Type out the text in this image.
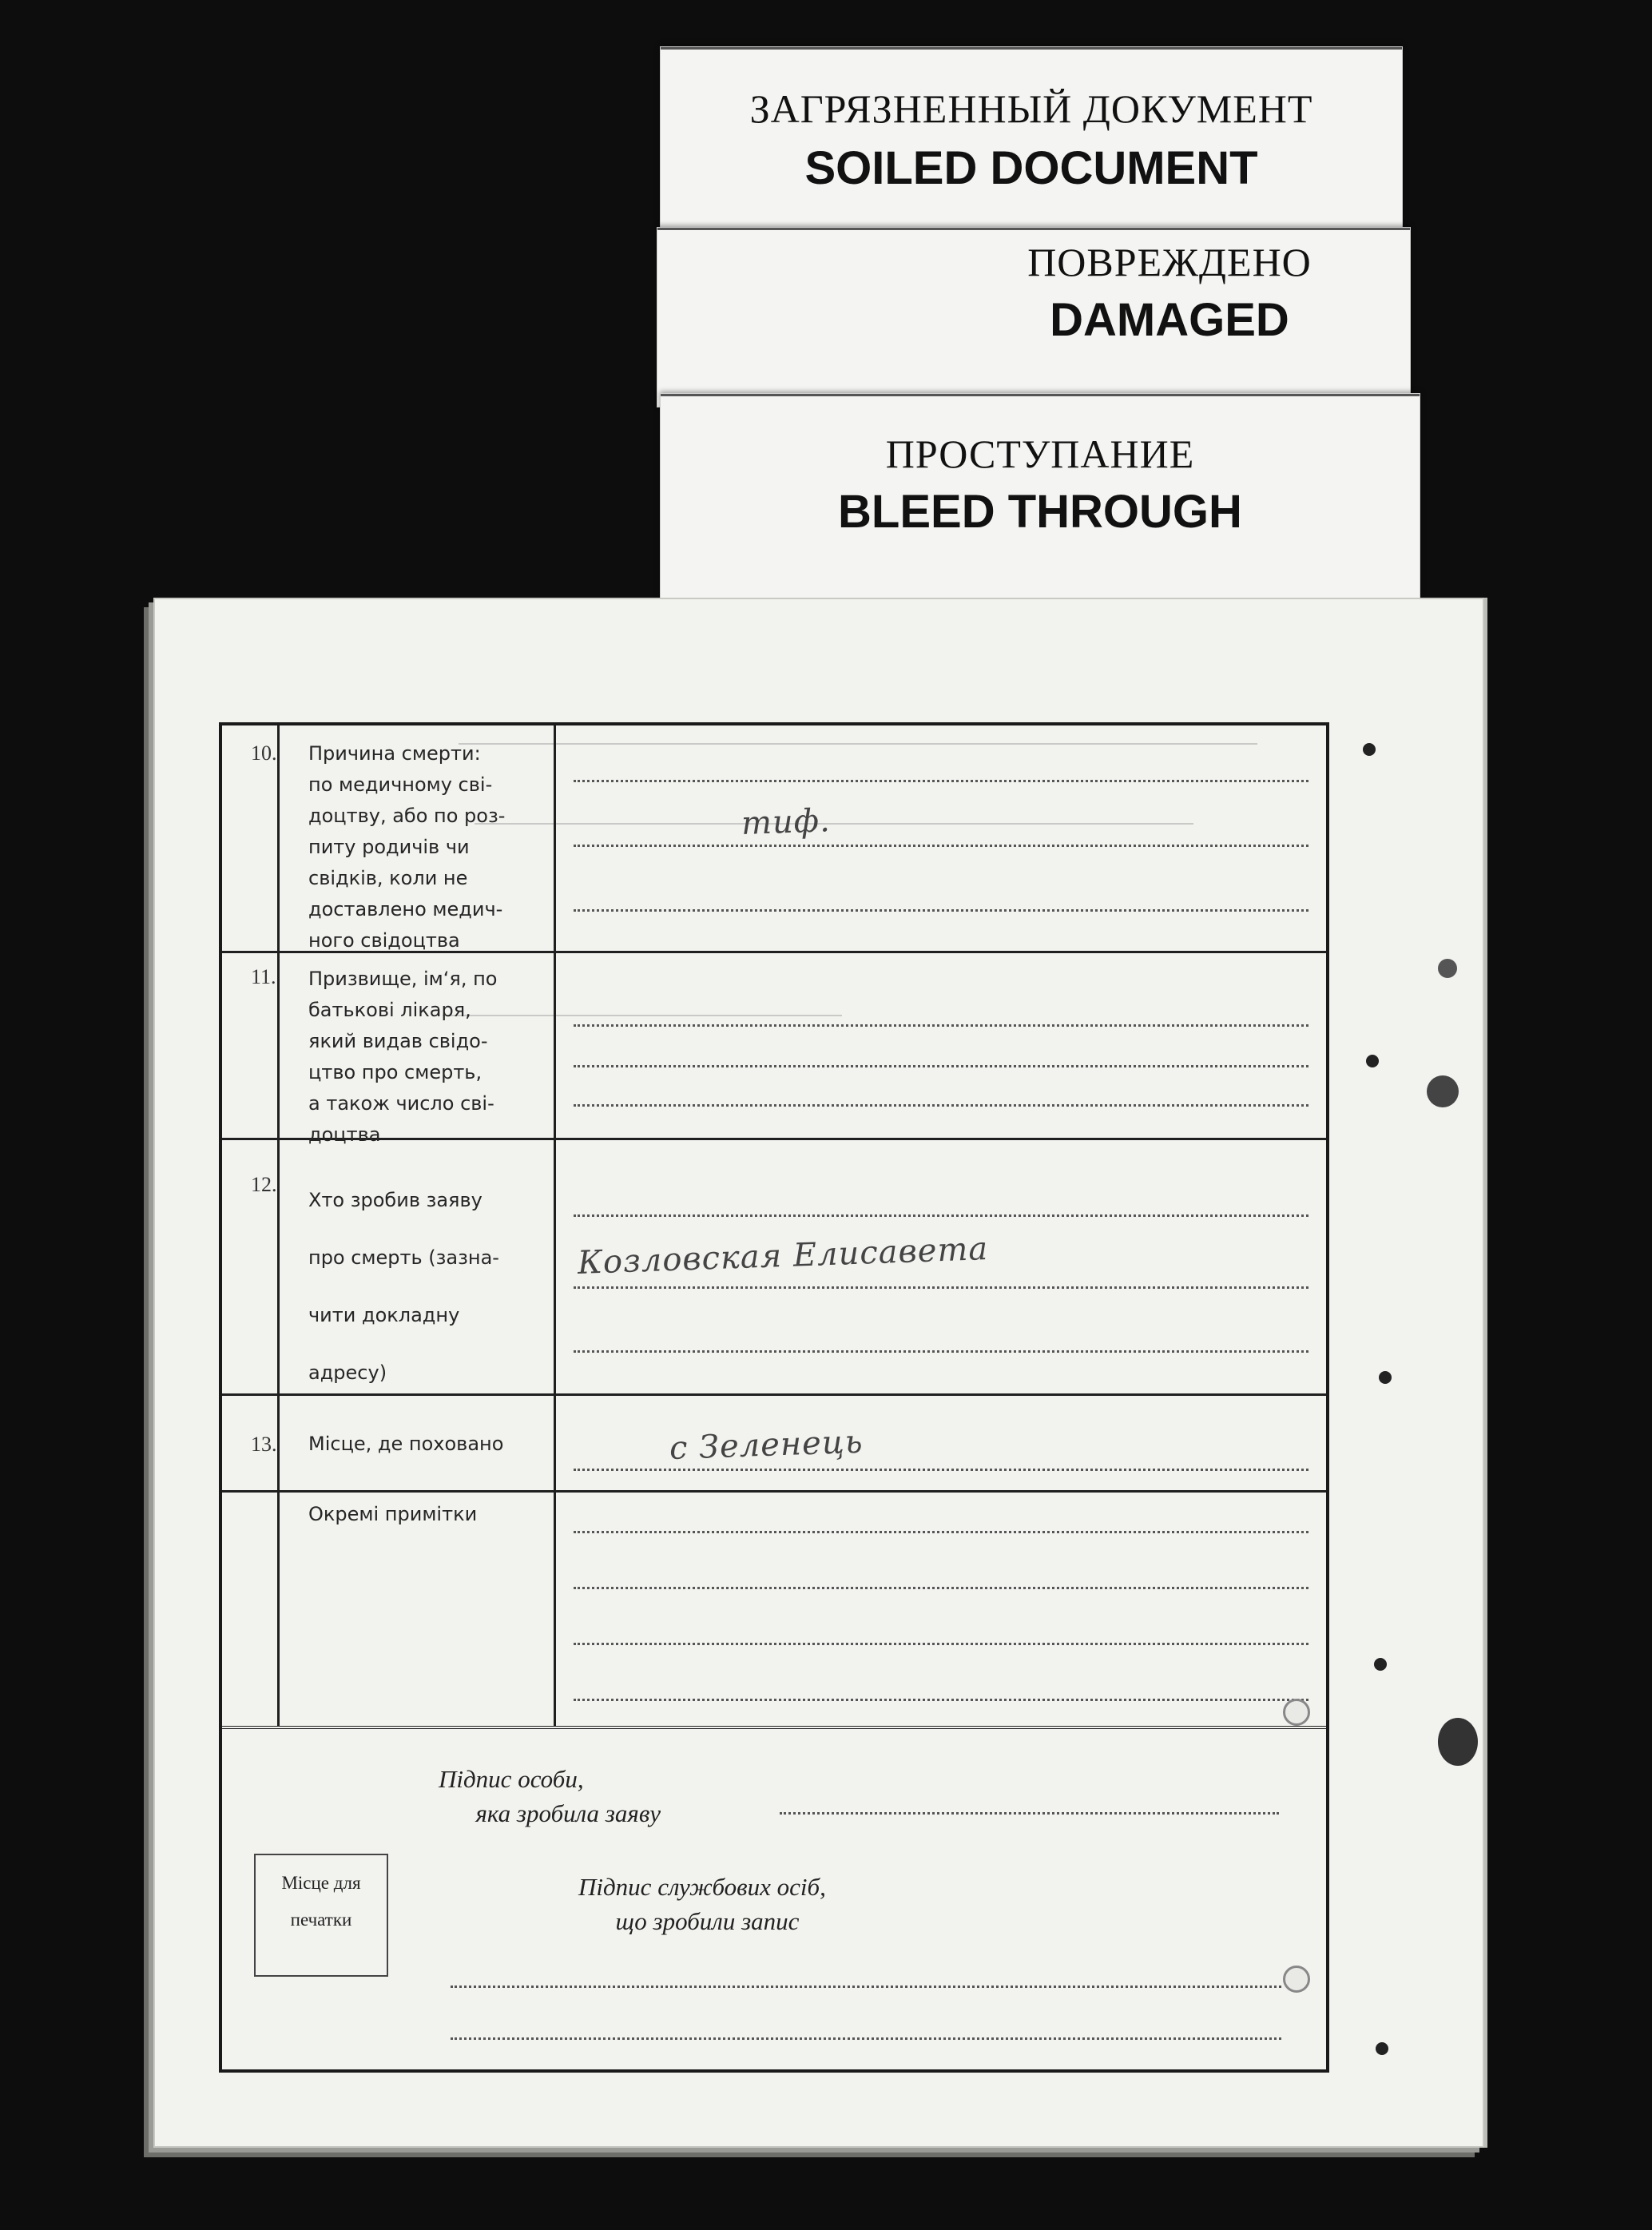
ЗАГРЯЗНЕННЫЙ ДОКУМЕНТ
SOILED DOCUMENT
ПОВРЕЖДЕНО
DAMAGED
ПРОСТУПАНИЕ
BLEED THROUGH
10. Причина смерти:
по медичному сві-
доцтву, або по роз-
питу родичів чи
свідків, коли не
доставлено медич-
ного свідоцтва
тиф.
11. Призвище, ім‘я, по
батькові лікаря,
який видав свідо-
цтво про смерть,
а також число сві-
доцтва
12.
Хто зробив заяву
про смерть (зазна-
чити докладну
адресу)
Козловская Елисавета
13. Місце, де поховано	с Зеленець
Окремі примітки
Підпис особи,
яка зробила заяву
Підпис службових осіб,
що зробили запис
Місце для
печатки
